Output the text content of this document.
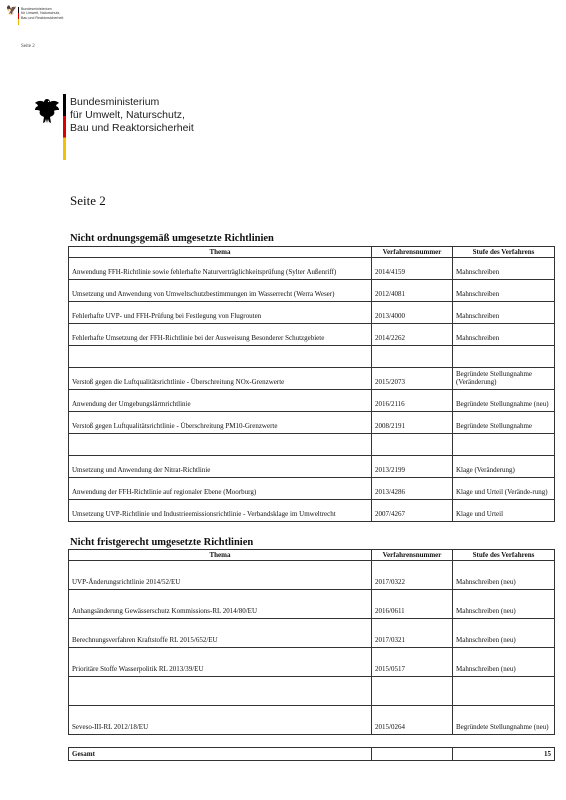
🦅 Bundesministerium
für Umwelt, Naturschutz,
Bau und Reaktorsicherheit
Seite 2
Bundesministerium
für Umwelt, Naturschutz,
Bau und Reaktorsicherheit
Seite 2
Nicht ordnungsgemäß umgesetzte Richtlinien
Thema	Verfahrensnummer	Stufe des Verfahrens
Anwendung FFH-Richtlinie sowie fehlerhafte Naturverträglichkeitsprüfung (Sylter Außenriff)	2014/4159	Mahnschreiben
Umsetzung und Anwendung von Umweltschutzbestimmungen im Wasserrecht (Werra Weser)	2012/4081	Mahnschreiben
Fehlerhafte UVP- und FFH-Prüfung bei Festlegung von Flugrouten	2013/4000	Mahnschreiben
Fehlerhafte Umsetzung der FFH-Richtlinie bei der Ausweisung Besonderer Schutzgebiete	2014/2262	Mahnschreiben

Verstoß gegen die Luftqualitätsrichtlinie - Überschreitung NOx-Grenzwerte	2015/2073	Begründete Stellungnahme (Veränderung)
Anwendung der Umgebungslärmrichtlinie	2016/2116	Begründete Stellungnahme (neu)
Verstoß gegen Luftqualitätsrichtlinie - Überschreitung PM10-Grenzwerte	2008/2191	Begründete Stellungnahme

Umsetzung und Anwendung der Nitrat-Richtlinie	2013/2199	Klage (Veränderung)
Anwendung der FFH-Richtlinie auf regionaler Ebene (Moorburg)	2013/4286	Klage und Urteil (Verände-rung)
Umsetzung UVP-Richtlinie und Industrieemissionsrichtlinie - Verbandsklage im Umweltrecht	2007/4267	Klage und Urteil
Nicht fristgerecht umgesetzte Richtlinien
Thema	Verfahrensnummer	Stufe des Verfahrens
UVP-Änderungsrichtlinie 2014/52/EU	2017/0322	Mahnschreiben (neu)
Anhangsänderung Gewässerschutz Kommissions-RL 2014/80/EU	2016/0611	Mahnschreiben (neu)
Berechnungsverfahren Kraftstoffe RL 2015/652/EU	2017/0321	Mahnschreiben (neu)
Prioritäre Stoffe Wasserpolitik RL 2013/39/EU	2015/0517	Mahnschreiben (neu)

Seveso-III-RL 2012/18/EU	2015/0264	Begründete Stellungnahme (neu)
Gesamt		15
